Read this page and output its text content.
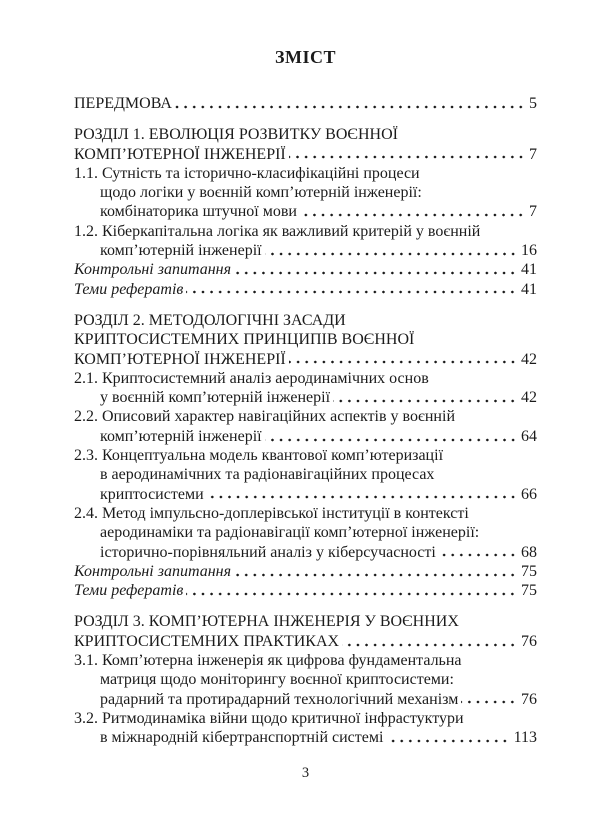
ЗМІСТ
ПЕРЕДМОВА	5
РОЗДІЛ 1. ЕВОЛЮЦІЯ РОЗВИТКУ ВОЄННОЇ
КОМП’ЮТЕРНОЇ ІНЖЕНЕРІЇ	7
1.1. Сутність та історично-класифікаційні процеси
щодо логіки у воєнній комп’ютерній інженерії:
комбінаторика штучної мови	7
1.2. Кіберкапітальна логіка як важливий критерій у воєнній
комп’ютерній інженерії	16
Контрольні запитання	41
Теми рефератів	41
РОЗДІЛ 2. МЕТОДОЛОГІЧНІ ЗАСАДИ
КРИПТОСИСТЕМНИХ ПРИНЦИПІВ ВОЄННОЇ
КОМП’ЮТЕРНОЇ ІНЖЕНЕРІЇ	42
2.1. Криптосистемний аналіз аеродинамічних основ
у воєнній комп’ютерній інженерії	42
2.2. Описовий характер навігаційних аспектів у воєнній
комп’ютерній інженерії	64
2.3. Концептуальна модель квантової комп’ютеризації
в аеродинамічних та радіонавігаційних процесах
криптосистеми	66
2.4. Метод імпульсно-доплерівської інституції в контексті
аеродинаміки та радіонавігації комп’ютерної інженерії:
історично-порівняльний аналіз у кіберсучасності	68
Контрольні запитання	75
Теми рефератів	75
РОЗДІЛ 3. КОМП’ЮТЕРНА ІНЖЕНЕРІЯ У ВОЄННИХ
КРИПТОСИСТЕМНИХ ПРАКТИКАХ	76
3.1. Комп’ютерна інженерія як цифрова фундаментальна
матриця щодо моніторингу воєнної криптосистеми:
радарний та протирадарний технологічний механізм	76
3.2. Ритмодинаміка війни щодо критичної інфрастуктури
в міжнародній кібертранспортній системі	113
3
